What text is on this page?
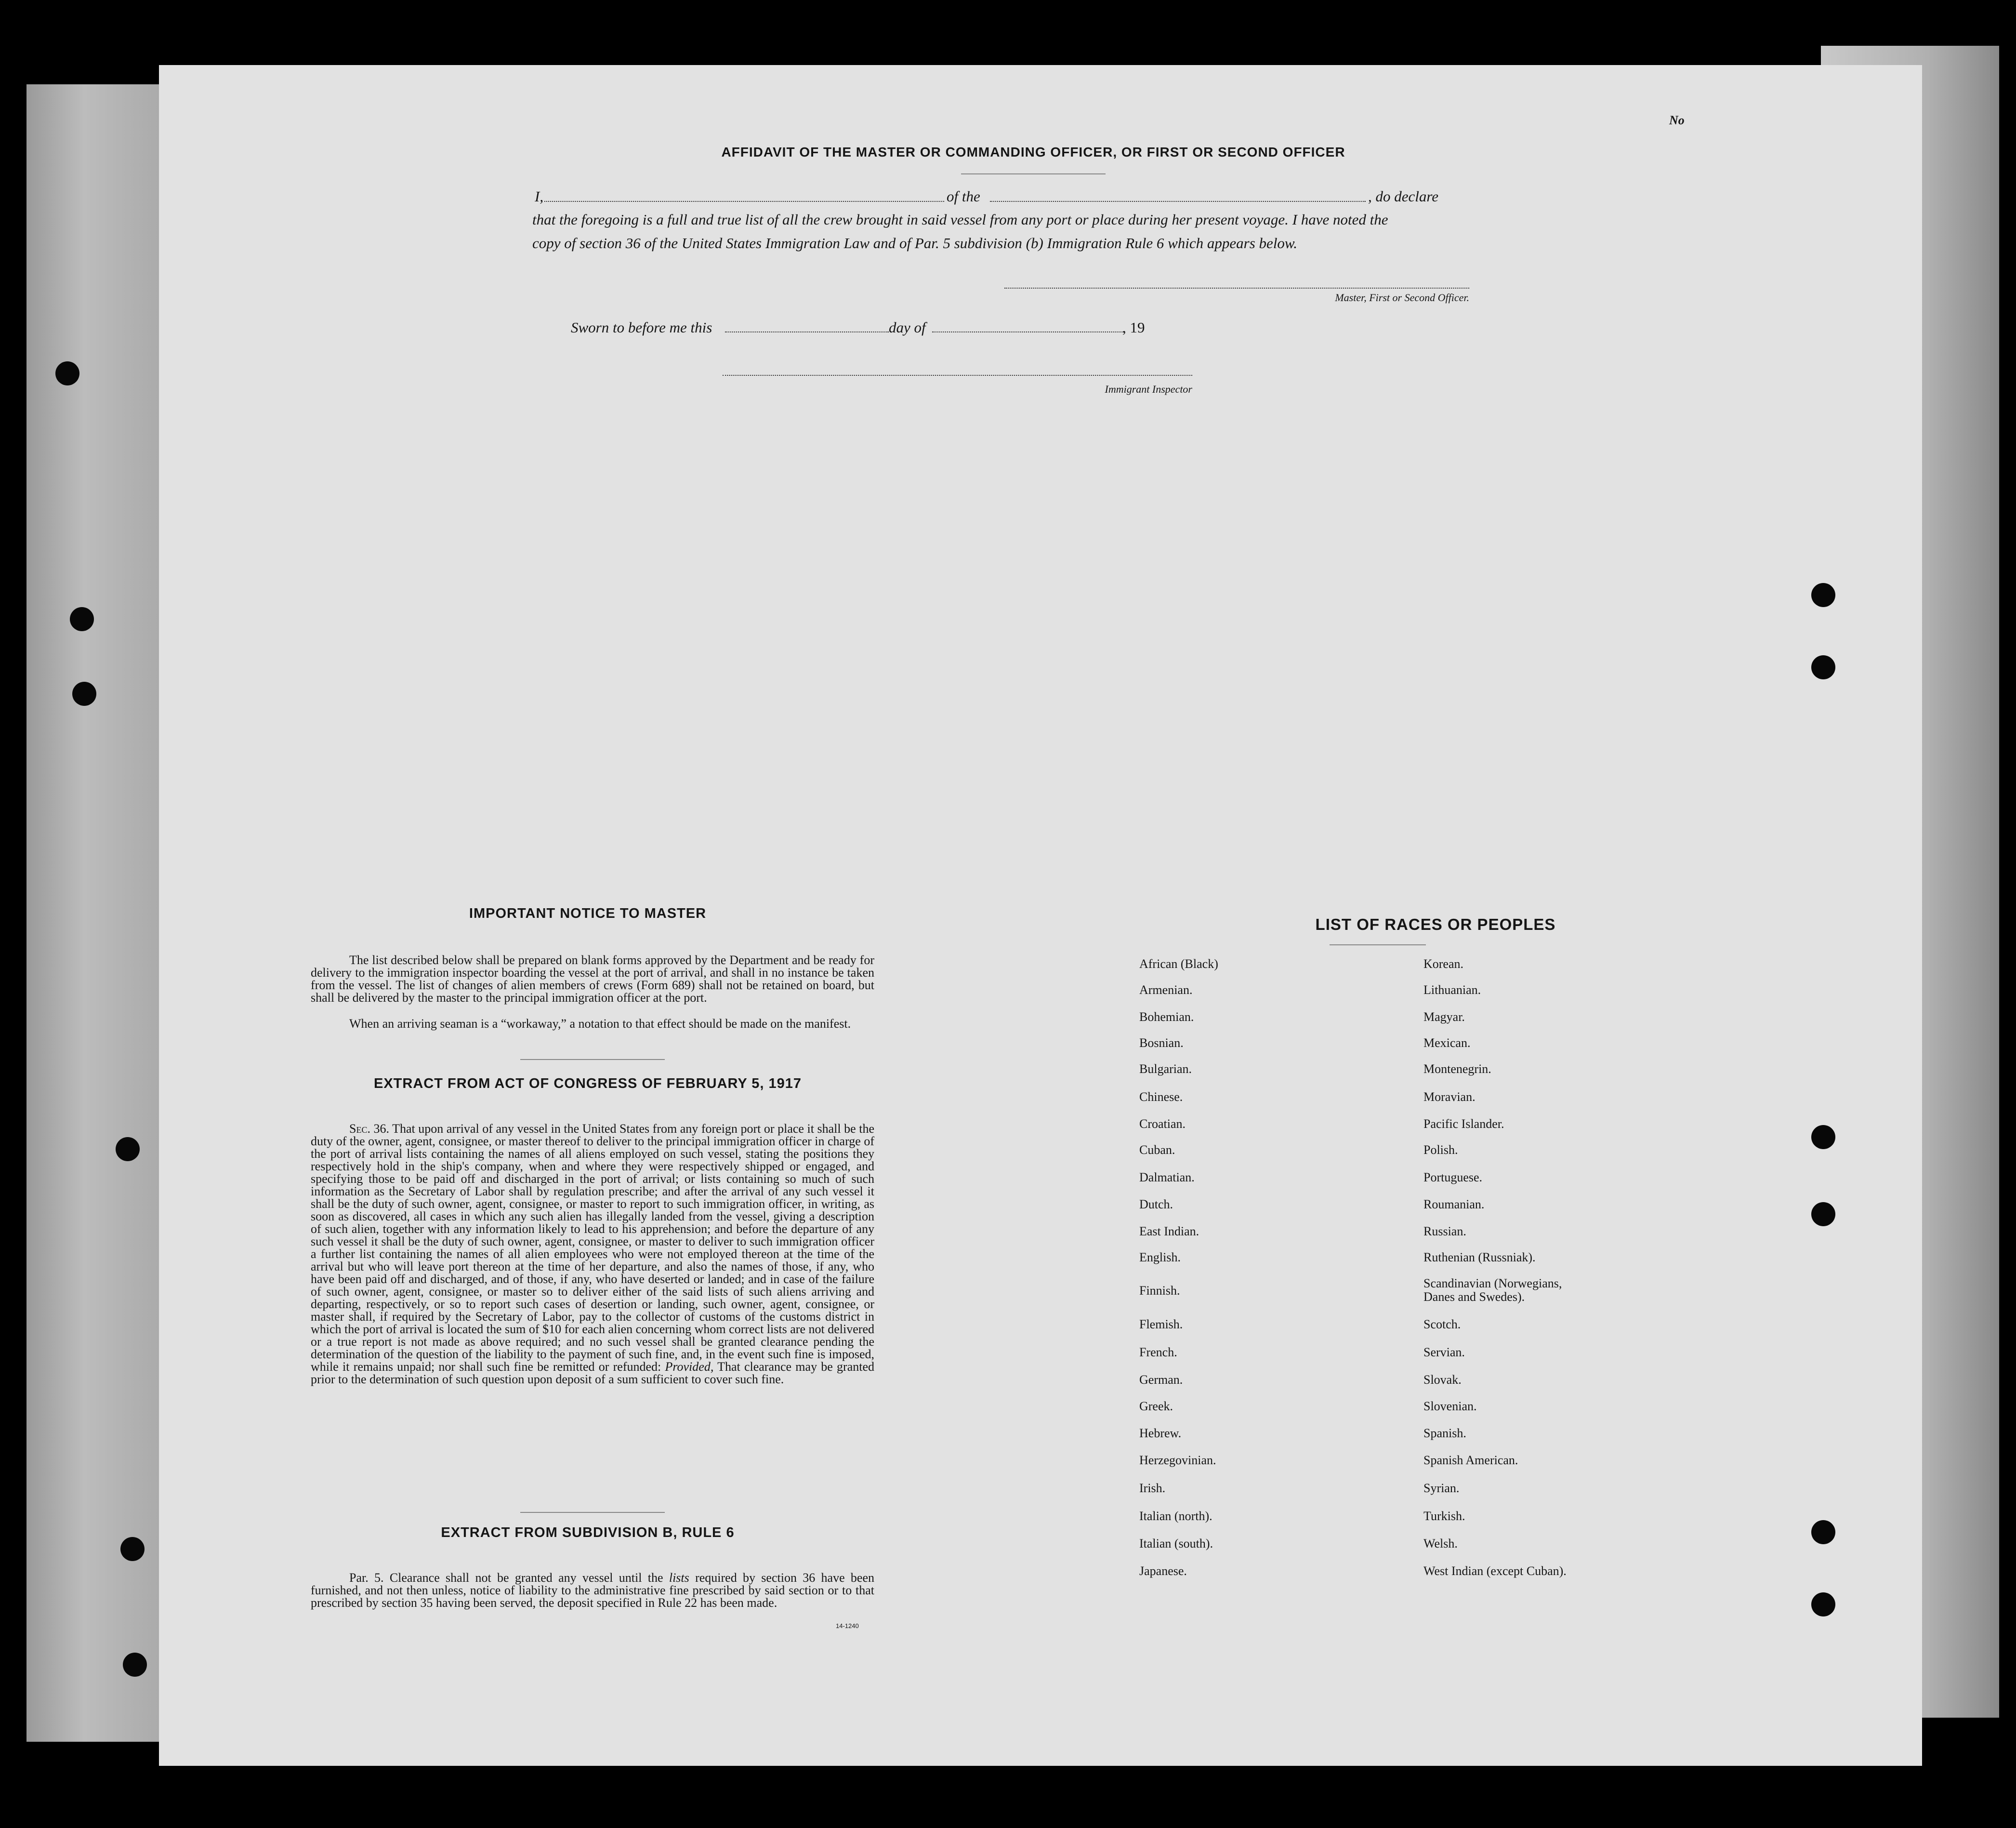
No
AFFIDAVIT OF THE MASTER OR COMMANDING OFFICER, OR FIRST OR SECOND OFFICER
I,	of the	, do declare
that the foregoing is a full and true list of all the crew brought in said vessel from any port or place during her present voyage. I have noted the
copy of section 36 of the United States Immigration Law and of Par. 5 subdivision (b) Immigration Rule 6 which appears below.
Master, First or Second Officer.
Sworn to before me this	day of	, 19
Immigrant Inspector
IMPORTANT NOTICE TO MASTER
The list described below shall be prepared on blank forms approved by the Department and be ready for delivery to the immigration inspector boarding the vessel at the port of arrival, and shall in no instance be taken from the vessel. The list of changes of alien members of crews (Form 689) shall not be retained on board, but shall be delivered by the master to the principal immigration officer at the port.
When an arriving seaman is a “workaway,” a notation to that effect should be made on the manifest.
EXTRACT FROM ACT OF CONGRESS OF FEBRUARY 5, 1917
Sec. 36. That upon arrival of any vessel in the United States from any foreign port or place it shall be the duty of the owner, agent, consignee, or master thereof to deliver to the principal immigration officer in charge of the port of arrival lists containing the names of all aliens employed on such vessel, stating the positions they respectively hold in the ship's company, when and where they were respectively shipped or engaged, and specifying those to be paid off and discharged in the port of arrival; or lists containing so much of such information as the Secretary of Labor shall by regulation prescribe; and after the arrival of any such vessel it shall be the duty of such owner, agent, consignee, or master to report to such immigration officer, in writing, as soon as discovered, all cases in which any such alien has illegally landed from the vessel, giving a description of such alien, together with any information likely to lead to his apprehension; and before the departure of any such vessel it shall be the duty of such owner, agent, consignee, or master to deliver to such immigration officer a further list containing the names of all alien employees who were not employed thereon at the time of the arrival but who will leave port thereon at the time of her departure, and also the names of those, if any, who have been paid off and discharged, and of those, if any, who have deserted or landed; and in case of the failure of such owner, agent, consignee, or master so to deliver either of the said lists of such aliens arriving and departing, respectively, or so to report such cases of desertion or landing, such owner, agent, consignee, or master shall, if required by the Secretary of Labor, pay to the collector of customs of the customs district in which the port of arrival is located the sum of $10 for each alien concerning whom correct lists are not delivered or a true report is not made as above required; and no such vessel shall be granted clearance pending the determination of the question of the liability to the payment of such fine, and, in the event such fine is imposed, while it remains unpaid; nor shall such fine be remitted or refunded: Provided, That clearance may be granted prior to the determination of such question upon deposit of a sum sufficient to cover such fine.
EXTRACT FROM SUBDIVISION B, RULE 6
Par. 5. Clearance shall not be granted any vessel until the lists required by section 36 have been furnished, and not then unless, notice of liability to the administrative fine prescribed by said section or to that prescribed by section 35 having been served, the deposit specified in Rule 22 has been made.
14-1240
LIST OF RACES OR PEOPLES
African (Black)
Armenian.
Bohemian.
Bosnian.
Bulgarian.
Chinese.
Croatian.
Cuban.
Dalmatian.
Dutch.
East Indian.
English.
Finnish.
Flemish.
French.
German.
Greek.
Hebrew.
Herzegovinian.
Irish.
Italian (north).
Italian (south).
Japanese.
Korean.
Lithuanian.
Magyar.
Mexican.
Montenegrin.
Moravian.
Pacific Islander.
Polish.
Portuguese.
Roumanian.
Russian.
Ruthenian (Russniak).
Scandinavian (Norwegians,
Danes and Swedes).
Scotch.
Servian.
Slovak.
Slovenian.
Spanish.
Spanish American.
Syrian.
Turkish.
Welsh.
West Indian (except Cuban).
